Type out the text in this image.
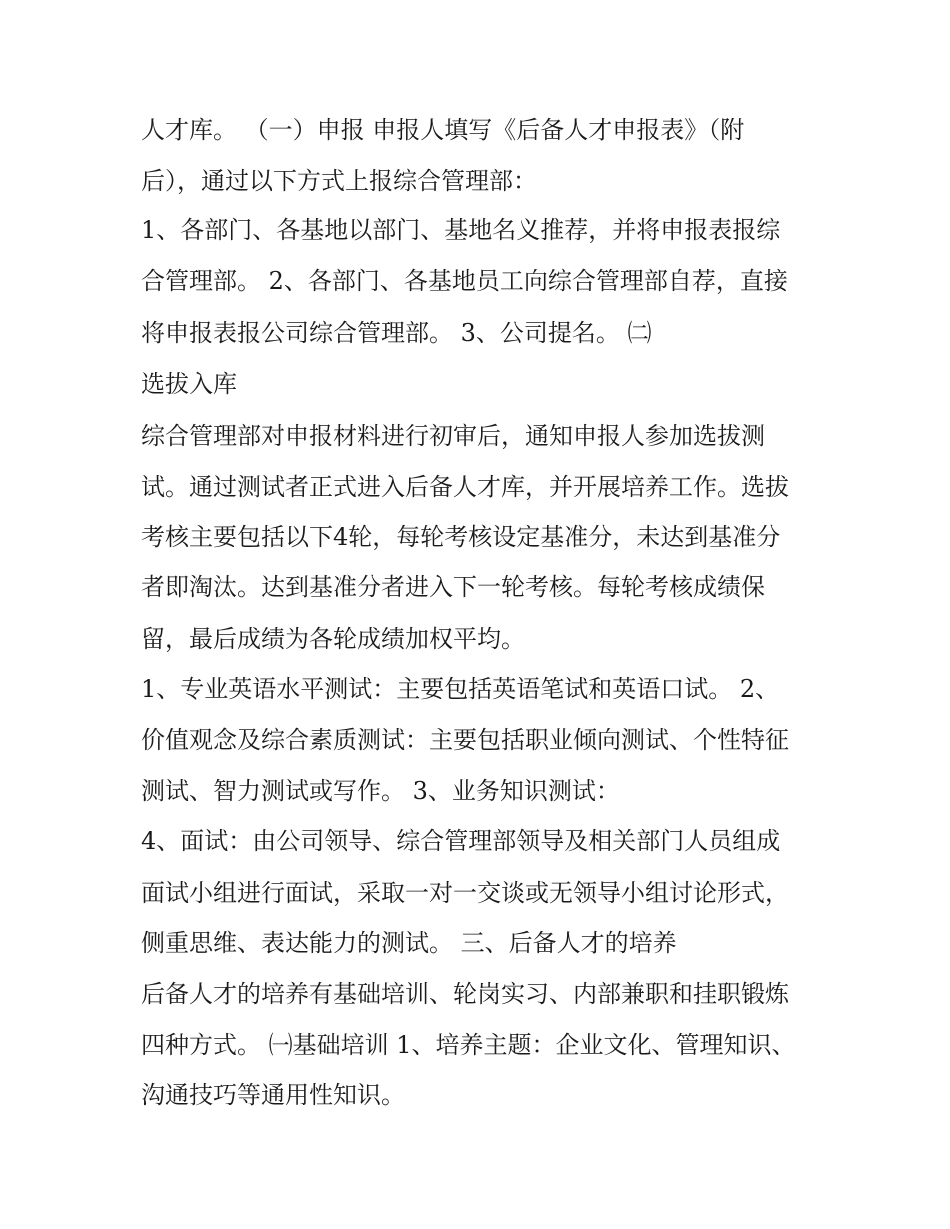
人才库。 （一）申报 申报人填写《后备人才申报表》（附
后），通过以下方式上报综合管理部：
1、各部门、各基地以部门、基地名义推荐，并将申报表报综
合管理部。 2、各部门、各基地员工向综合管理部自荐，直接
将申报表报公司综合管理部。 3、公司提名。 ㈡
选拔入库
综合管理部对申报材料进行初审后，通知申报人参加选拔测
试。通过测试者正式进入后备人才库，并开展培养工作。选拔
考核主要包括以下4轮，每轮考核设定基准分，未达到基准分
者即淘汰。达到基准分者进入下一轮考核。每轮考核成绩保
留，最后成绩为各轮成绩加权平均。
1、专业英语水平测试：主要包括英语笔试和英语口试。 2、
价值观念及综合素质测试：主要包括职业倾向测试、个性特征
测试、智力测试或写作。 3、业务知识测试：
4、面试：由公司领导、综合管理部领导及相关部门人员组成
面试小组进行面试，采取一对一交谈或无领导小组讨论形式，
侧重思维、表达能力的测试。 三、后备人才的培养
后备人才的培养有基础培训、轮岗实习、内部兼职和挂职锻炼
四种方式。 ㈠基础培训 1、培养主题：企业文化、管理知识、
沟通技巧等通用性知识。
